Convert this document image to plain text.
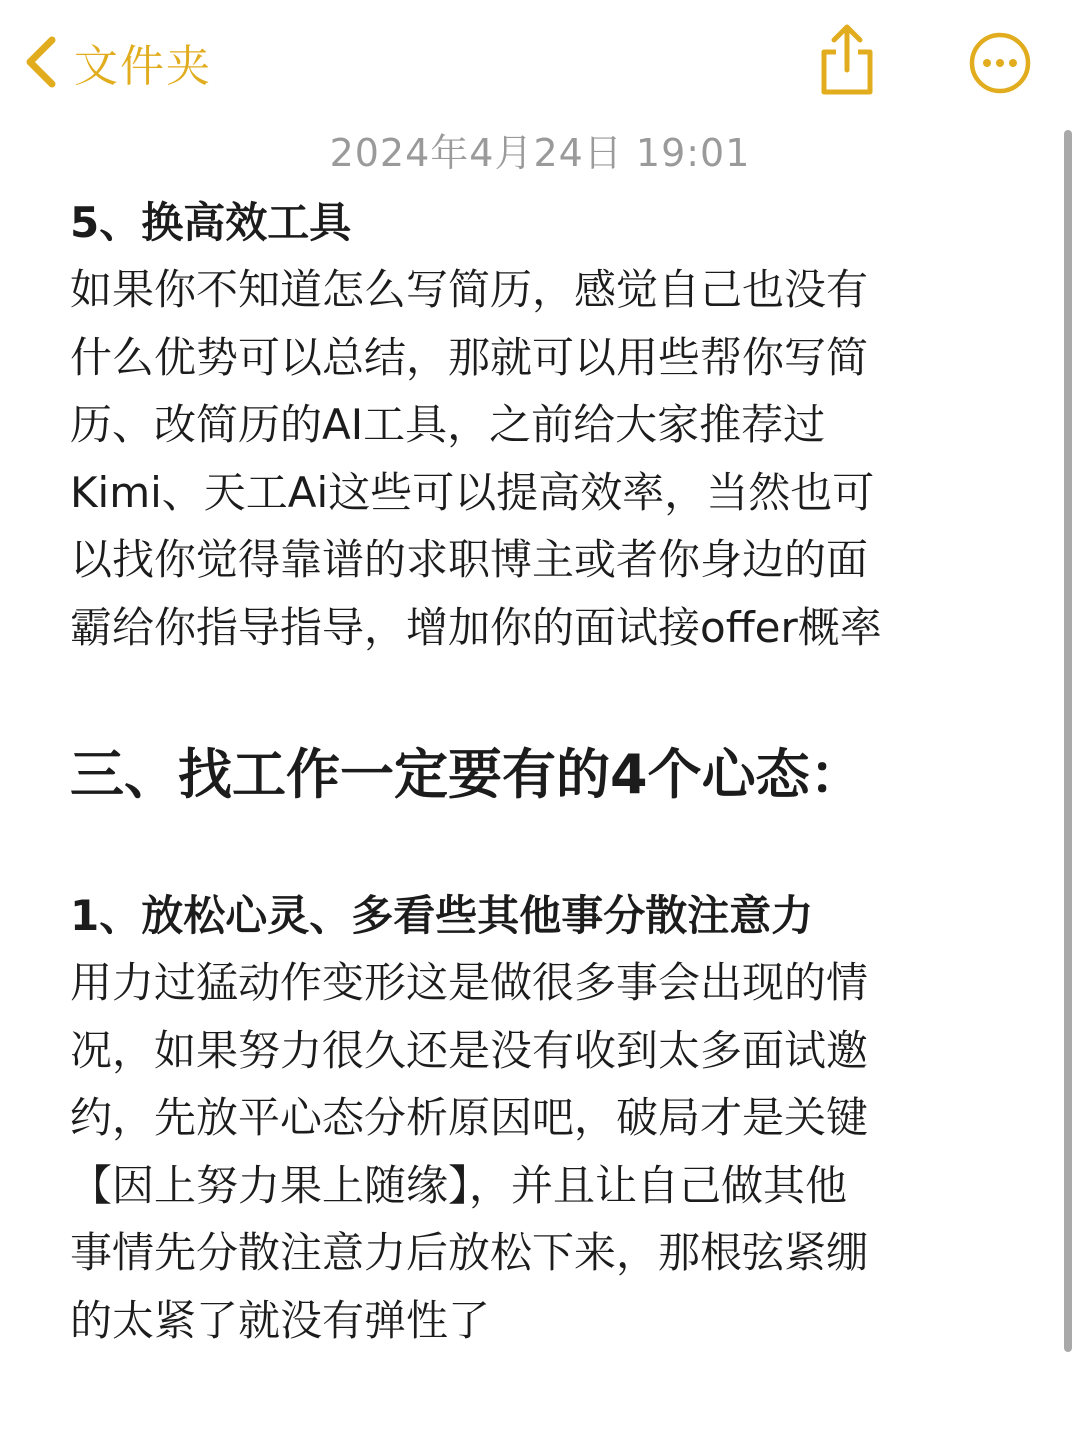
文件夹
2024年4月24日 19:01

5、换高效工具

如果你不知道怎么写简历，感觉自己也没有
什么优势可以总结，那就可以用些帮你写简
历、改简历的AI工具，之前给大家推荐过
Kimi、天工Ai这些可以提高效率，当然也可
以找你觉得靠谱的求职博主或者你身边的面
霸给你指导指导，增加你的面试接offer概率

三、找工作一定要有的4个心态：

1、放松心灵、多看些其他事分散注意力

用力过猛动作变形这是做很多事会出现的情
况，如果努力很久还是没有收到太多面试邀
约，先放平心态分析原因吧，破局才是关键
【因上努力果上随缘】，并且让自己做其他
事情先分散注意力后放松下来，那根弦紧绷
的太紧了就没有弹性了
